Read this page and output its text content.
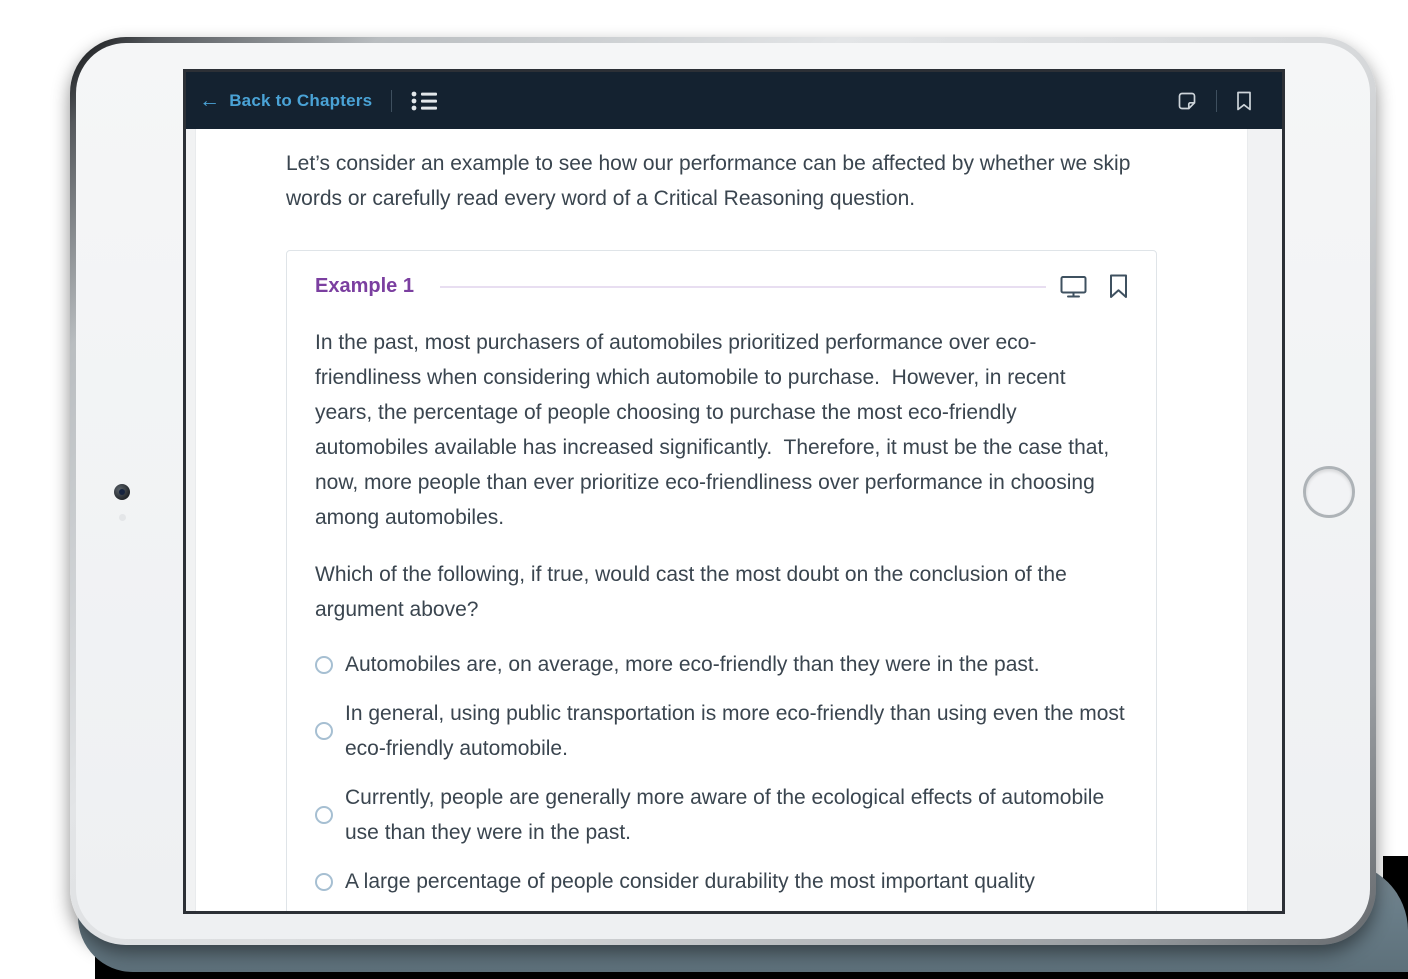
← Back to Chapters

Let’s consider an example to see how our performance can be affected by whether we skip words or carefully read every word of a Critical Reasoning question.

Example 1

In the past, most purchasers of automobiles prioritized performance over eco-friendliness when considering which automobile to purchase.  However, in recent years, the percentage of people choosing to purchase the most eco-friendly automobiles available has increased significantly.  Therefore, it must be the case that, now, more people than ever prioritize eco-friendliness over performance in choosing among automobiles.

Which of the following, if true, would cast the most doubt on the conclusion of the argument above?

Automobiles are, on average, more eco-friendly than they were in the past.
In general, using public transportation is more eco-friendly than using even the most eco-friendly automobile.
Currently, people are generally more aware of the ecological effects of automobile use than they were in the past.
A large percentage of people consider durability the most important quality
